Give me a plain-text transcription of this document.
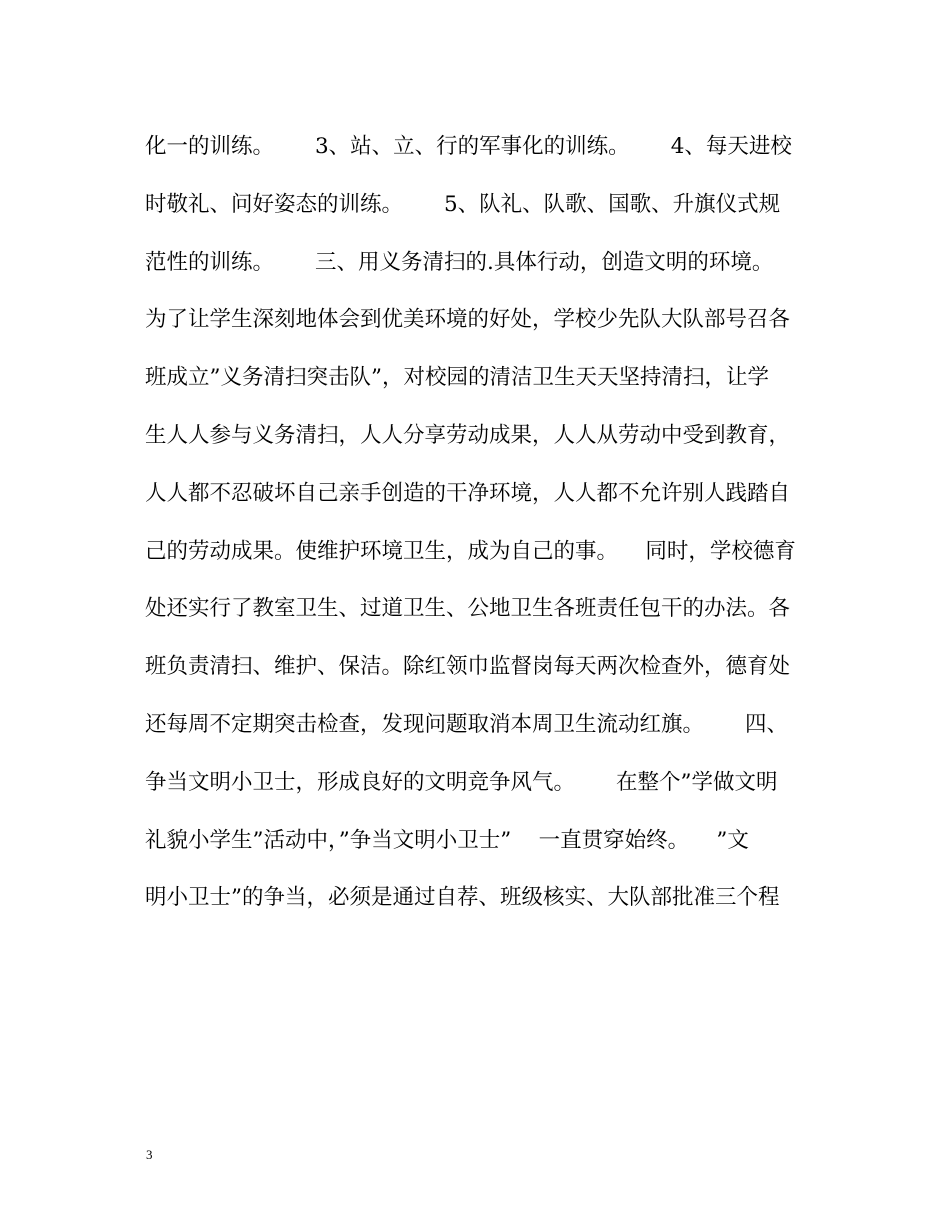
化一的训练。      3、站、立、行的军事化的训练。      4、每天进校
时敬礼、问好姿态的训练。      5、队礼、队歌、国歌、升旗仪式规
范性的训练。      三、用义务清扫的.具体行动，创造文明的环境。
为了让学生深刻地体会到优美环境的好处，学校少先队大队部号召各
班成立”义务清扫突击队”，对校园的清洁卫生天天坚持清扫，让学
生人人参与义务清扫，人人分享劳动成果，人人从劳动中受到教育，
人人都不忍破坏自己亲手创造的干净环境，人人都不允许别人践踏自
己的劳动成果。使维护环境卫生，成为自己的事。    同时，学校德育
处还实行了教室卫生、过道卫生、公地卫生各班责任包干的办法。各
班负责清扫、维护、保洁。除红领巾监督岗每天两次检查外，德育处
还每周不定期突击检查，发现问题取消本周卫生流动红旗。      四、
争当文明小卫士，形成良好的文明竞争风气。      在整个”学做文明
礼貌小学生”活动中，”争当文明小卫士”    一直贯穿始终。    ”文
明小卫士”的争当，必须是通过自荐、班级核实、大队部批准三个程
3
